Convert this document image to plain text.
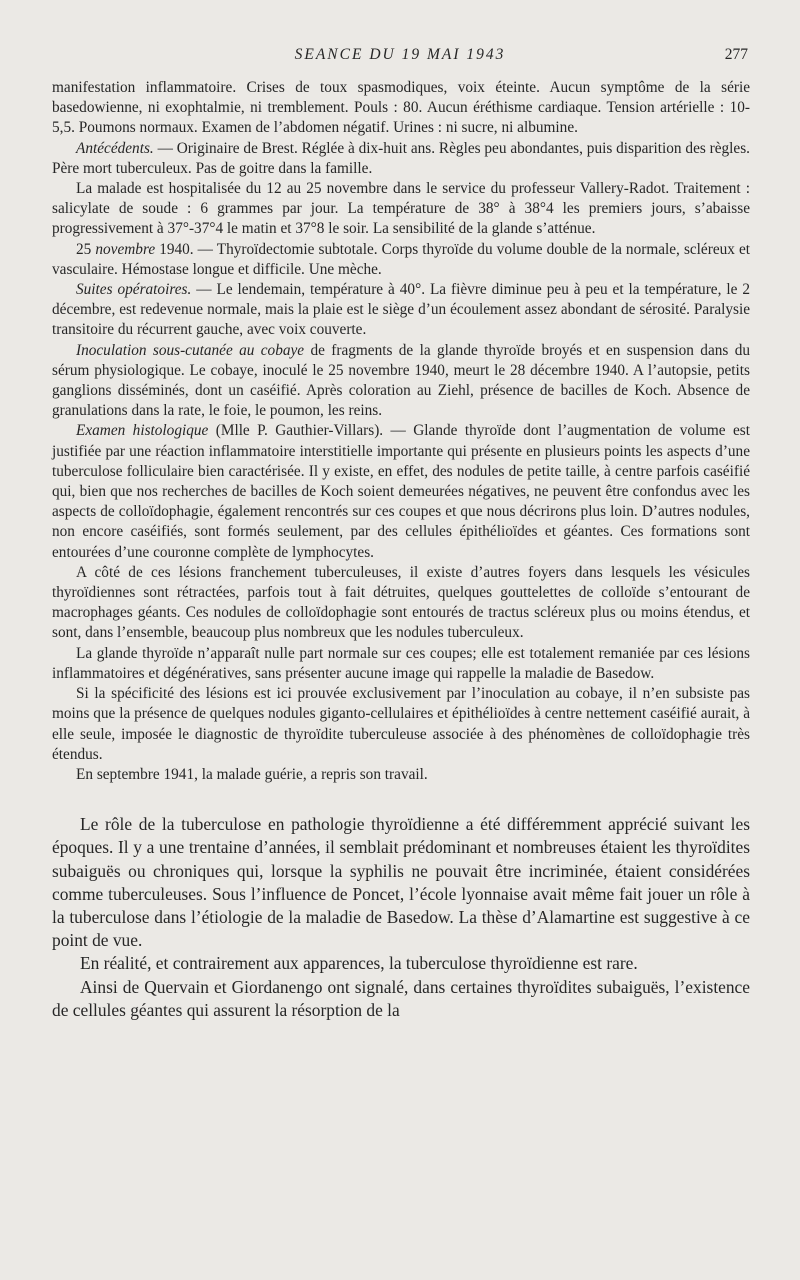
SEANCE DU 19 MAI 1943	277

manifestation inflammatoire. Crises de toux spasmodiques, voix éteinte. Aucun symptôme de la série basedowienne, ni exophtalmie, ni tremblement. Pouls : 80. Aucun éréthisme cardiaque. Tension artérielle : 10-5,5. Poumons normaux. Examen de l’abdomen négatif. Urines : ni sucre, ni albumine.

Antécédents. — Originaire de Brest. Réglée à dix-huit ans. Règles peu abondantes, puis disparition des règles. Père mort tuberculeux. Pas de goitre dans la famille.

La malade est hospitalisée du 12 au 25 novembre dans le service du professeur Vallery-Radot. Traitement : salicylate de soude : 6 grammes par jour. La température de 38° à 38°4 les premiers jours, s’abaisse progressivement à 37°-37°4 le matin et 37°8 le soir. La sensibilité de la glande s’atténue.

25 novembre 1940. — Thyroïdectomie subtotale. Corps thyroïde du volume double de la normale, scléreux et vasculaire. Hémostase longue et difficile. Une mèche.

Suites opératoires. — Le lendemain, température à 40°. La fièvre diminue peu à peu et la température, le 2 décembre, est redevenue normale, mais la plaie est le siège d’un écoulement assez abondant de sérosité. Paralysie transitoire du récurrent gauche, avec voix couverte.

Inoculation sous-cutanée au cobaye de fragments de la glande thyroïde broyés et en suspension dans du sérum physiologique. Le cobaye, inoculé le 25 novembre 1940, meurt le 28 décembre 1940. A l’autopsie, petits ganglions disséminés, dont un caséifié. Après coloration au Ziehl, présence de bacilles de Koch. Absence de granulations dans la rate, le foie, le poumon, les reins.

Examen histologique (Mlle P. Gauthier-Villars). — Glande thyroïde dont l’augmentation de volume est justifiée par une réaction inflammatoire interstitielle importante qui présente en plusieurs points les aspects d’une tuberculose folliculaire bien caractérisée. Il y existe, en effet, des nodules de petite taille, à centre parfois caséifié qui, bien que nos recherches de bacilles de Koch soient demeurées négatives, ne peuvent être confondus avec les aspects de colloïdophagie, également rencontrés sur ces coupes et que nous décrirons plus loin. D’autres nodules, non encore caséifiés, sont formés seulement, par des cellules épithélioïdes et géantes. Ces formations sont entourées d’une couronne complète de lymphocytes.

A côté de ces lésions franchement tuberculeuses, il existe d’autres foyers dans lesquels les vésicules thyroïdiennes sont rétractées, parfois tout à fait détruites, quelques gouttelettes de colloïde s’entourant de macrophages géants. Ces nodules de colloïdophagie sont entourés de tractus scléreux plus ou moins étendus, et sont, dans l’ensemble, beaucoup plus nombreux que les nodules tuberculeux.

La glande thyroïde n’apparaît nulle part normale sur ces coupes; elle est totalement remaniée par ces lésions inflammatoires et dégénératives, sans présenter aucune image qui rappelle la maladie de Basedow.

Si la spécificité des lésions est ici prouvée exclusivement par l’inoculation au cobaye, il n’en subsiste pas moins que la présence de quelques nodules giganto-cellulaires et épithélioïdes à centre nettement caséifié aurait, à elle seule, imposée le diagnostic de thyroïdite tuberculeuse associée à des phénomènes de colloïdophagie très étendus.

En septembre 1941, la malade guérie, a repris son travail.

Le rôle de la tuberculose en pathologie thyroïdienne a été différemment apprécié suivant les époques. Il y a une trentaine d’années, il semblait prédominant et nombreuses étaient les thyroïdites subaiguës ou chroniques qui, lorsque la syphilis ne pouvait être incriminée, étaient considérées comme tuberculeuses. Sous l’influence de Poncet, l’école lyonnaise avait même fait jouer un rôle à la tuberculose dans l’étiologie de la maladie de Basedow. La thèse d’Alamartine est suggestive à ce point de vue.

En réalité, et contrairement aux apparences, la tuberculose thyroïdienne est rare.

Ainsi de Quervain et Giordanengo ont signalé, dans certaines thyroïdites subaiguës, l’existence de cellules géantes qui assurent la résorption de la
